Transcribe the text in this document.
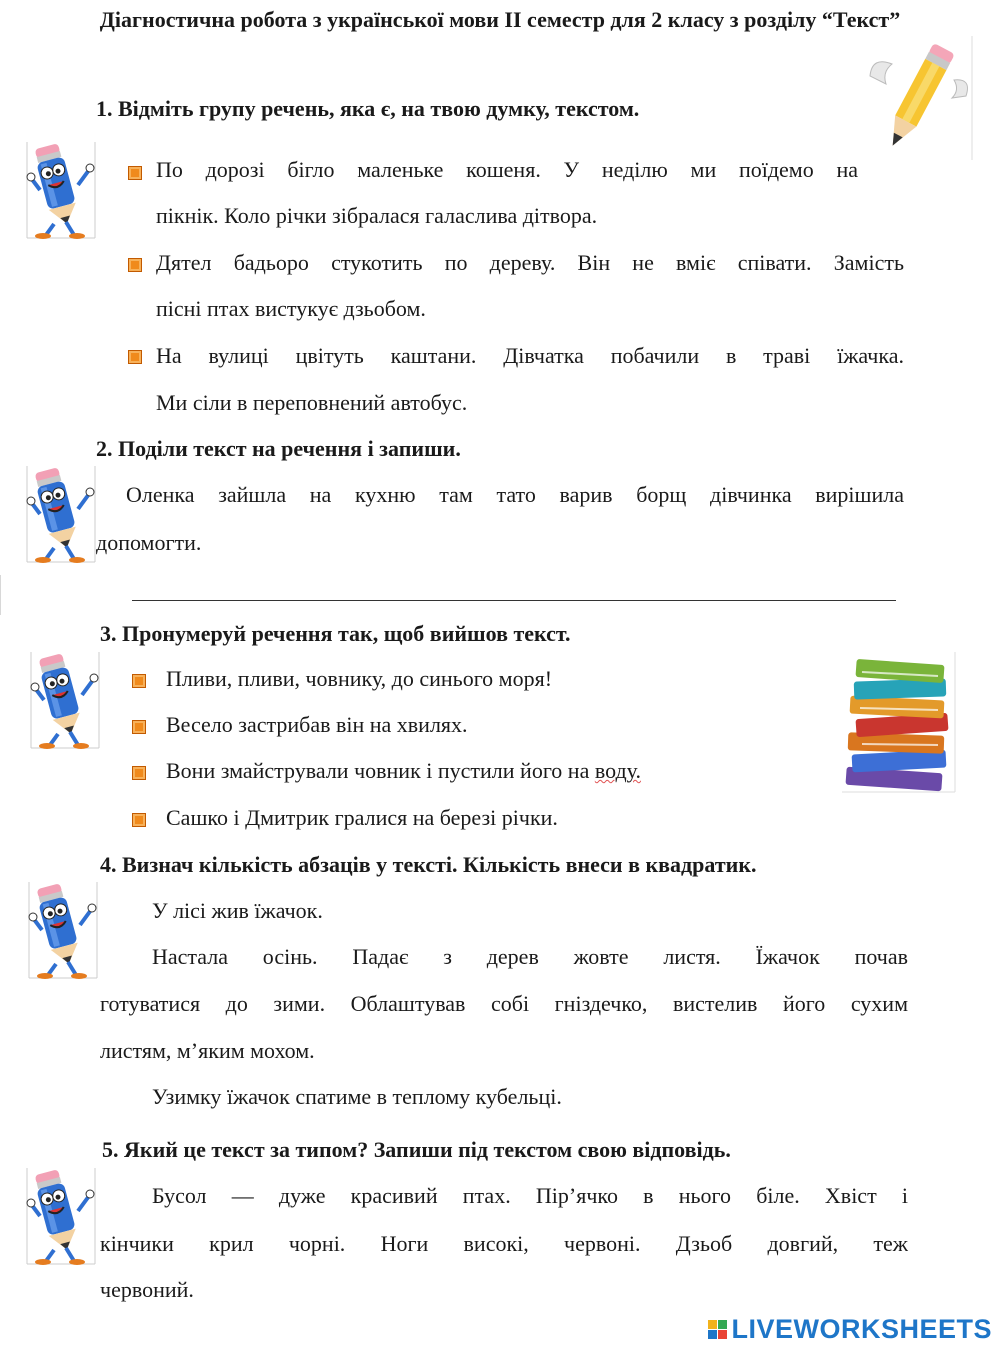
Діагностична робота з української мови ІІ семестр для 2 класу з розділу “Текст”
1. Відміть групу речень, яка є, на твою думку, текстом.
По дорозі бігло маленьке кошеня. У неділю ми поїдемо на
пікнік. Коло річки зібралася галаслива дітвора.
Дятел бадьоро стукотить по дереву. Він не вміє співати. Замість
пісні птах вистукує дзьобом.
На вулиці цвітуть каштани. Дівчатка побачили в траві їжачка.
Ми сіли в переповнений автобус.
2. Поділи текст на речення і запиши.
Оленка зайшла на кухню там тато варив борщ дівчинка вирішила
допомогти.
3. Пронумеруй речення так, щоб вийшов текст.
Пливи, пливи, човнику, до синього моря!
Весело застрибав він на хвилях.
Вони змайстрували човник і пустили його на воду.
Сашко і Дмитрик гралися на березі річки.
4. Визнач кількість абзаців у тексті. Кількість внеси в квадратик.
У лісі жив їжачок.
Настала осінь. Падає з дерев жовте листя. Їжачок почав
готуватися до зими. Облаштував собі гніздечко, вистелив його сухим
листям, м’яким мохом.
Узимку їжачок спатиме в теплому кубельці.
5. Який це текст за типом? Запиши під текстом свою відповідь.
Бусол — дуже красивий птах. Пір’ячко в нього біле. Хвіст і
кінчики крил чорні. Ноги високі, червоні. Дзьоб довгий, теж
червоний.
LIVEWORKSHEETS
